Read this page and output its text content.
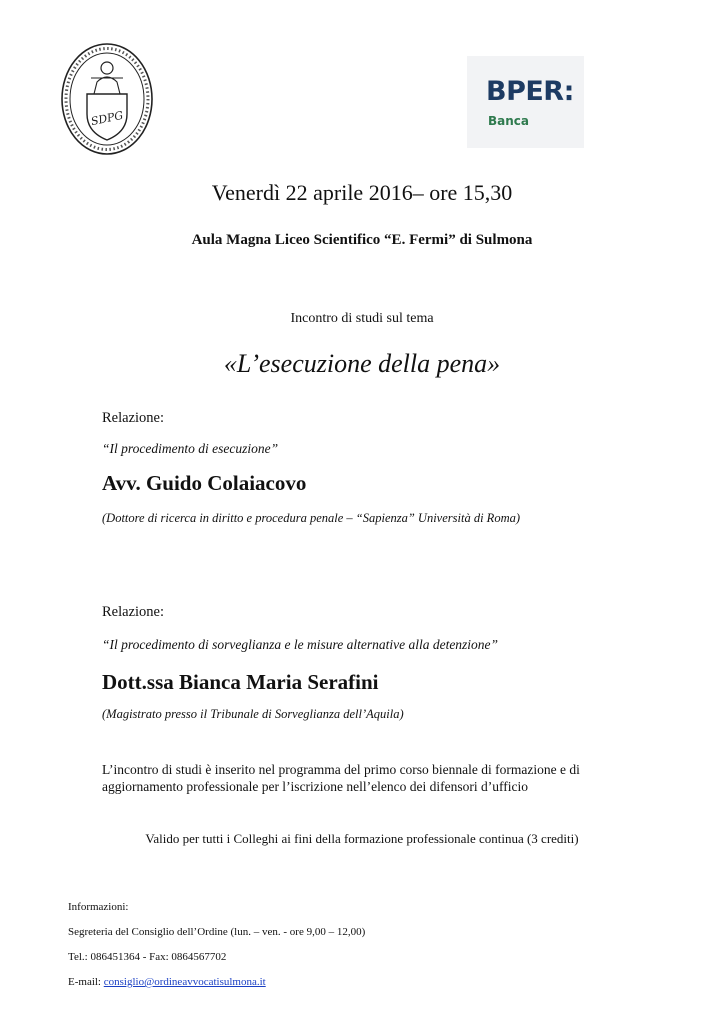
SDPG
BPER:
Banca
Venerdì 22 aprile 2016– ore 15,30
Aula Magna Liceo Scientifico “E. Fermi” di Sulmona
Incontro di studi sul tema
«L’esecuzione della pena»
Relazione:
“Il procedimento di esecuzione”
Avv. Guido Colaiacovo
(Dottore di ricerca in diritto e procedura penale – “Sapienza” Università di Roma)
Relazione:
“Il procedimento di sorveglianza e le misure alternative alla detenzione”
Dott.ssa Bianca Maria Serafini
(Magistrato presso il Tribunale di Sorveglianza dell’Aquila)
L’incontro di studi è inserito nel programma del primo corso biennale di formazione e di aggiornamento professionale per l’iscrizione nell’elenco dei difensori d’ufficio
Valido per tutti i Colleghi ai fini della formazione professionale continua (3 crediti)
Informazioni:
Segreteria del Consiglio dell’Ordine (lun. – ven. - ore 9,00 – 12,00)
Tel.: 086451364 - Fax: 0864567702
E-mail: consiglio@ordineavvocatisulmona.it
